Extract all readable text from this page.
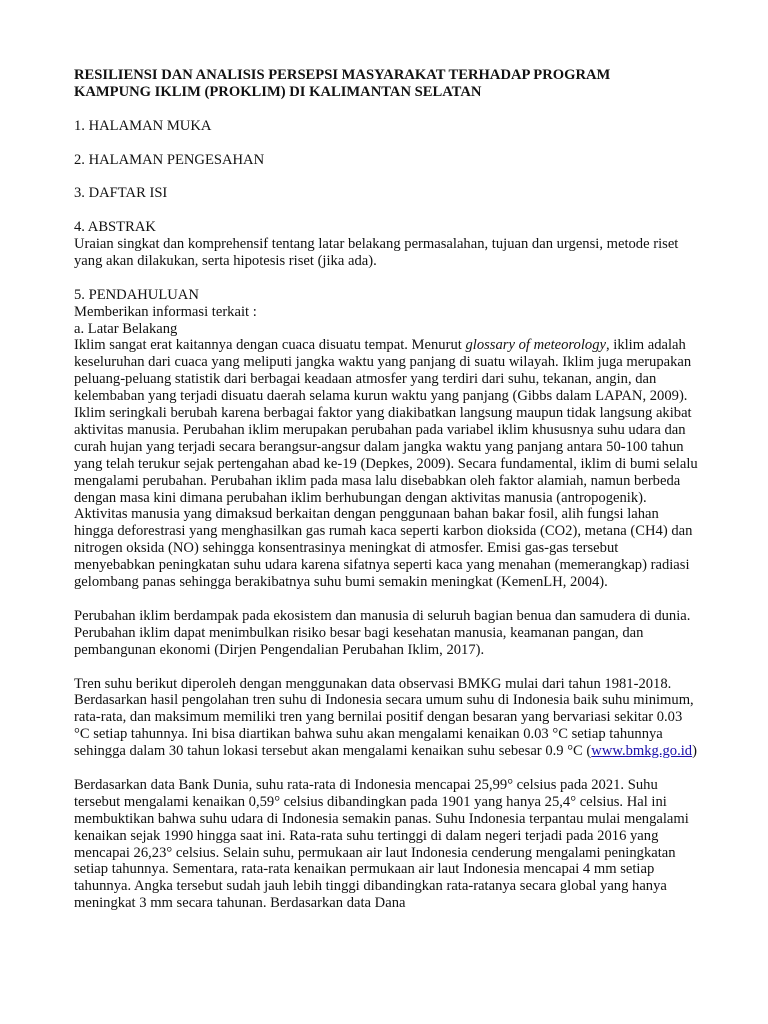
RESILIENSI DAN ANALISIS PERSEPSI MASYARAKAT TERHADAP PROGRAM
KAMPUNG IKLIM (PROKLIM) DI KALIMANTAN SELATAN

1. HALAMAN MUKA

2. HALAMAN PENGESAHAN

3. DAFTAR ISI

4. ABSTRAK

Uraian singkat dan komprehensif tentang latar belakang permasalahan, tujuan dan urgensi, metode riset yang akan dilakukan, serta hipotesis riset (jika ada).

5. PENDAHULUAN

Memberikan informasi terkait :

a. Latar Belakang

Iklim sangat erat kaitannya dengan cuaca disuatu tempat. Menurut glossary of meteorology, iklim adalah keseluruhan dari cuaca yang meliputi jangka waktu yang panjang di suatu wilayah. Iklim juga merupakan peluang-peluang statistik dari berbagai keadaan atmosfer yang terdiri dari suhu, tekanan, angin, dan kelembaban yang terjadi disuatu daerah selama kurun waktu yang panjang (Gibbs dalam LAPAN, 2009). Iklim seringkali berubah karena berbagai faktor yang diakibatkan langsung maupun tidak langsung akibat aktivitas manusia. Perubahan iklim merupakan perubahan pada variabel iklim khususnya suhu udara dan curah hujan yang terjadi secara berangsur-angsur dalam jangka waktu yang panjang antara 50-100 tahun yang telah terukur sejak pertengahan abad ke-19 (Depkes, 2009). Secara fundamental, iklim di bumi selalu mengalami perubahan. Perubahan iklim pada masa lalu disebabkan oleh faktor alamiah, namun berbeda dengan masa kini dimana perubahan iklim berhubungan dengan aktivitas manusia (antropogenik). Aktivitas manusia yang dimaksud berkaitan dengan penggunaan bahan bakar fosil, alih fungsi lahan hingga deforestrasi yang menghasilkan gas rumah kaca seperti karbon dioksida (CO2), metana (CH4) dan nitrogen oksida (NO) sehingga konsentrasinya meningkat di atmosfer. Emisi gas-gas tersebut menyebabkan peningkatan suhu udara karena sifatnya seperti kaca yang menahan (memerangkap) radiasi gelombang panas sehingga berakibatnya suhu bumi semakin meningkat (KemenLH, 2004).

Perubahan iklim berdampak pada ekosistem dan manusia di seluruh bagian benua dan samudera di dunia. Perubahan iklim dapat menimbulkan risiko besar bagi kesehatan manusia, keamanan pangan, dan pembangunan ekonomi (Dirjen Pengendalian Perubahan Iklim, 2017).

Tren suhu berikut diperoleh dengan menggunakan data observasi BMKG mulai dari tahun 1981-2018. Berdasarkan hasil pengolahan tren suhu di Indonesia secara umum suhu di Indonesia baik suhu minimum, rata-rata, dan maksimum memiliki tren yang bernilai positif dengan besaran yang bervariasi sekitar 0.03 °C setiap tahunnya. Ini bisa diartikan bahwa suhu akan mengalami kenaikan 0.03 °C setiap tahunnya sehingga dalam 30 tahun lokasi tersebut akan mengalami kenaikan suhu sebesar 0.9 °C (www.bmkg.go.id)

Berdasarkan data Bank Dunia, suhu rata-rata di Indonesia mencapai 25,99° celsius pada 2021. Suhu tersebut mengalami kenaikan 0,59° celsius dibandingkan pada 1901 yang hanya 25,4° celsius. Hal ini membuktikan bahwa suhu udara di Indonesia semakin panas. Suhu Indonesia terpantau mulai mengalami kenaikan sejak 1990 hingga saat ini. Rata-rata suhu tertinggi di dalam negeri terjadi pada 2016 yang mencapai 26,23° celsius. Selain suhu, permukaan air laut Indonesia cenderung mengalami peningkatan setiap tahunnya. Sementara, rata-rata kenaikan permukaan air laut Indonesia mencapai 4 mm setiap tahunnya. Angka tersebut sudah jauh lebih tinggi dibandingkan rata-ratanya secara global yang hanya meningkat 3 mm secara tahunan. Berdasarkan data Dana
